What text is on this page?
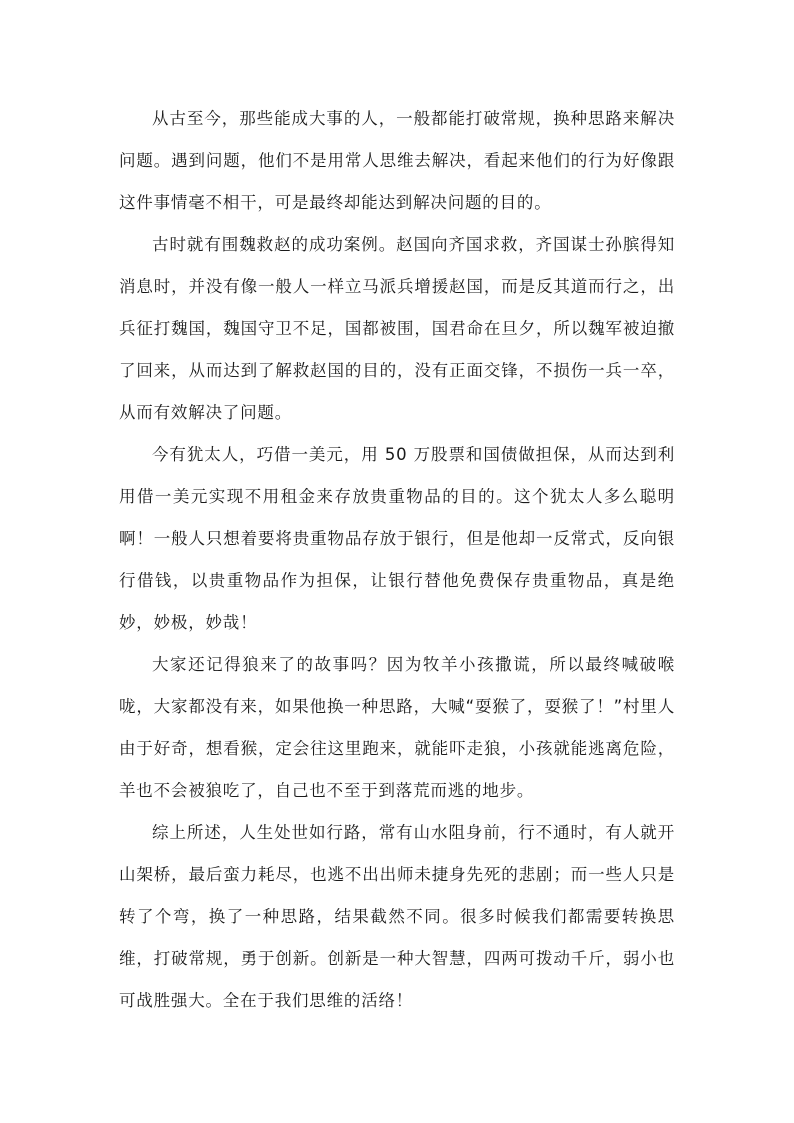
从古至今，那些能成大事的人，一般都能打破常规，换种思路来解决问题。遇到问题，他们不是用常人思维去解决，看起来他们的行为好像跟这件事情毫不相干，可是最终却能达到解决问题的目的。

古时就有围魏救赵的成功案例。赵国向齐国求救，齐国谋士孙膑得知消息时，并没有像一般人一样立马派兵增援赵国，而是反其道而行之，出兵征打魏国，魏国守卫不足，国都被围，国君命在旦夕，所以魏军被迫撤了回来，从而达到了解救赵国的目的，没有正面交锋，不损伤一兵一卒，从而有效解决了问题。

今有犹太人，巧借一美元，用 50 万股票和国债做担保，从而达到利用借一美元实现不用租金来存放贵重物品的目的。这个犹太人多么聪明啊！一般人只想着要将贵重物品存放于银行，但是他却一反常式，反向银行借钱，以贵重物品作为担保，让银行替他免费保存贵重物品，真是绝妙，妙极，妙哉！

大家还记得狼来了的故事吗？因为牧羊小孩撒谎，所以最终喊破喉咙，大家都没有来，如果他换一种思路，大喊“耍猴了，耍猴了！”村里人由于好奇，想看猴，定会往这里跑来，就能吓走狼，小孩就能逃离危险，羊也不会被狼吃了，自己也不至于到落荒而逃的地步。

综上所述，人生处世如行路，常有山水阻身前，行不通时，有人就开山架桥，最后蛮力耗尽，也逃不出出师未捷身先死的悲剧；而一些人只是转了个弯，换了一种思路，结果截然不同。很多时候我们都需要转换思维，打破常规，勇于创新。创新是一种大智慧，四两可拨动千斤，弱小也可战胜强大。全在于我们思维的活络！
